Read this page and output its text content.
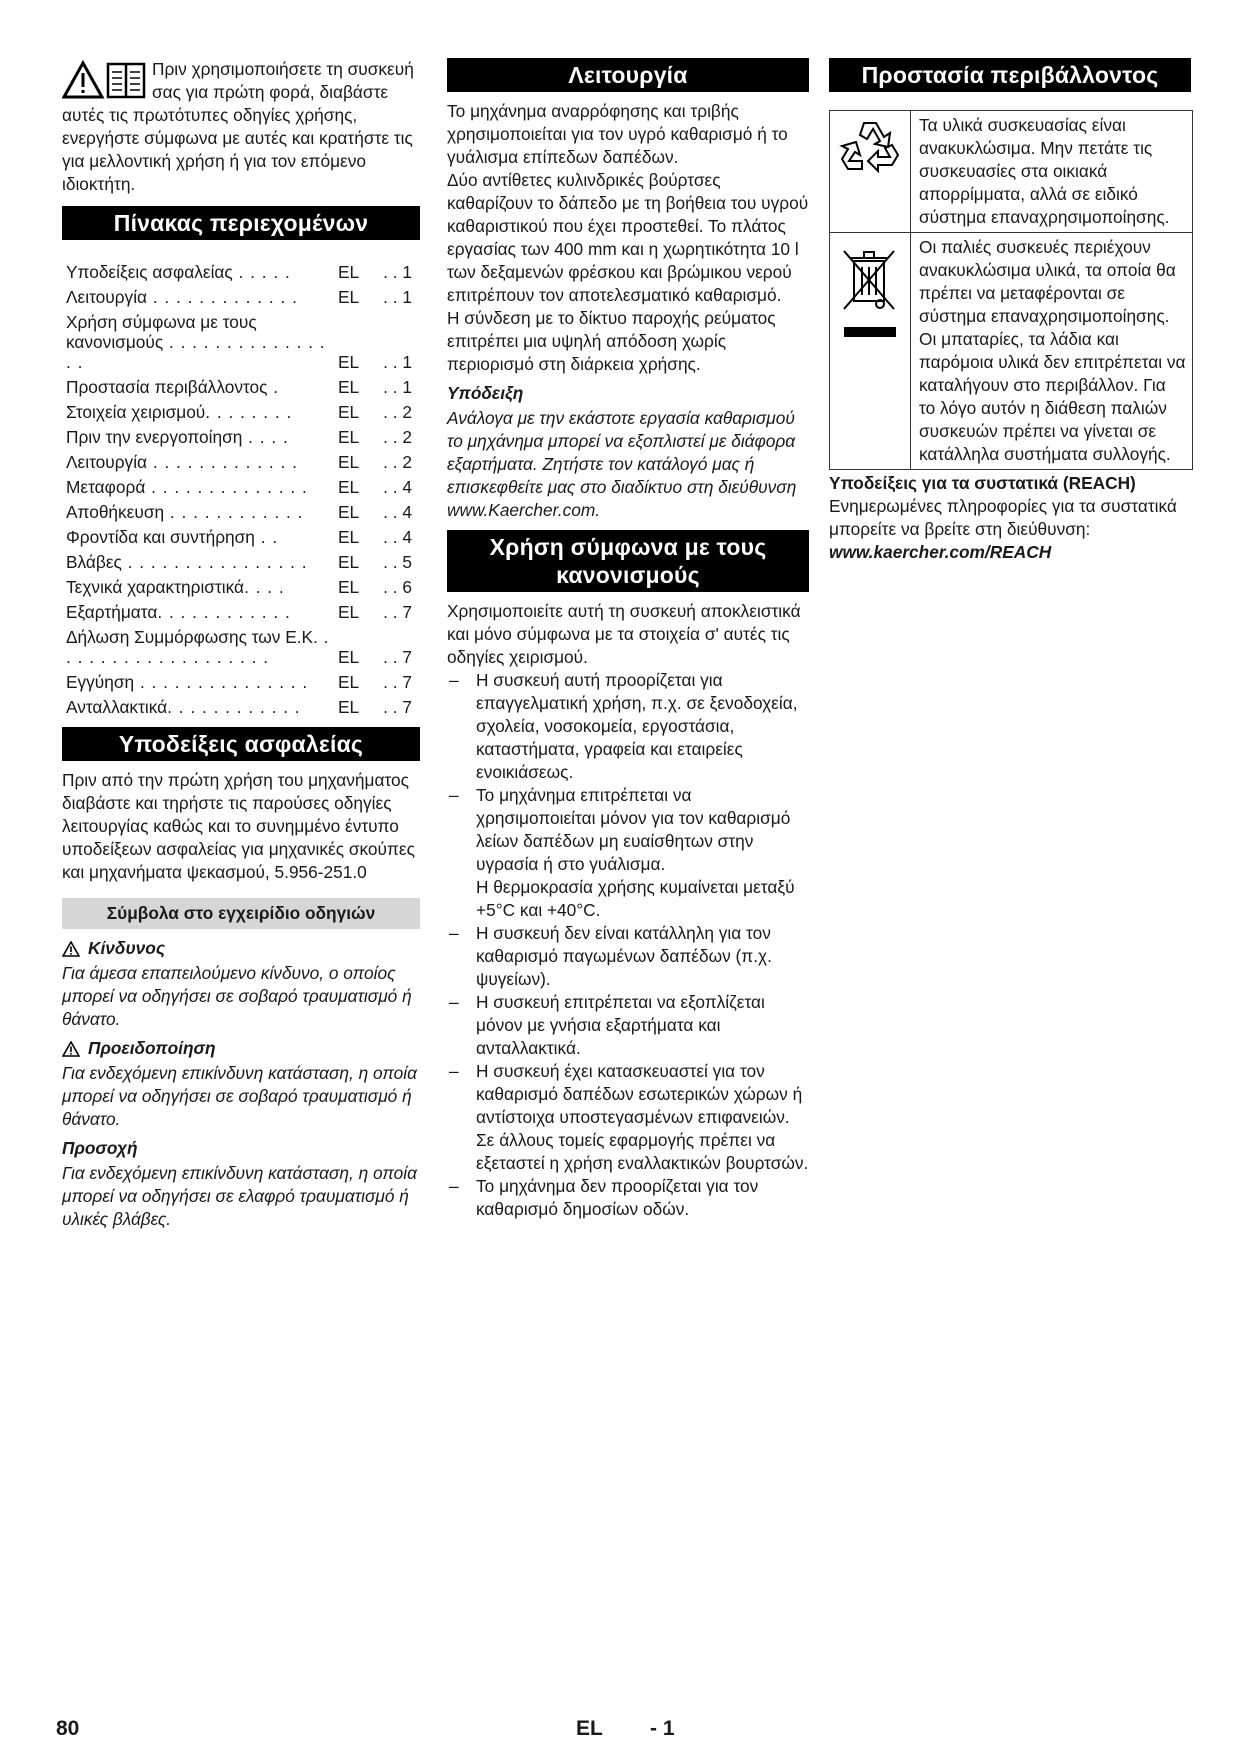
Πριν χρησιμοποιήσετε τη συσκευή σας για πρώτη φορά, διαβάστε αυτές τις πρωτότυπες οδηγίες χρήσης, ενεργήστε σύμφωνα με αυτές και κρατήστε τις για μελλοντική χρήση ή για τον επόμενο ιδιοκτήτη.

Πίνακας περιεχομένων
Υποδείξεις ασφαλείας . . . . .	EL	. . 1
Λειτουργία . . . . . . . . . . . . .	EL	. . 1
Χρήση σύμφωνα με τους κανονισμούς . . . . . . . . . . . . . . . .	EL	. . 1
Προστασία περιβάλλοντος .	EL	. . 1
Στοιχεία χειρισμού. . . . . . . .	EL	. . 2
Πριν την ενεργοποίηση . . . .	EL	. . 2
Λειτουργία . . . . . . . . . . . . .	EL	. . 2
Μεταφορά . . . . . . . . . . . . . .	EL	. . 4
Αποθήκευση . . . . . . . . . . . .	EL	. . 4
Φροντίδα και συντήρηση . .	EL	. . 4
Βλάβες . . . . . . . . . . . . . . . .	EL	. . 5
Τεχνικά χαρακτηριστικά. . . .	EL	. . 6
Εξαρτήματα. . . . . . . . . . . .	EL	. . 7
Δήλωση Συμμόρφωσης των Ε.Κ. . . . . . . . . . . . . . . . . . . .	EL	. . 7
Εγγύηση . . . . . . . . . . . . . . .	EL	. . 7
Ανταλλακτικά. . . . . . . . . . . .	EL	. . 7
Υποδείξεις ασφαλείας

Πριν από την πρώτη χρήση του μηχανήματος διαβάστε και τηρήστε τις παρούσες οδηγίες λειτουργίας καθώς και το συνημμένο έντυπο υποδείξεων ασφαλείας για μηχανικές σκούπες και μηχανήματα ψεκασμού, 5.956-251.0

Σύμβολα στο εγχειρίδιο οδηγιών
Κίνδυνος

Για άμεσα επαπειλούμενο κίνδυνο, ο οποίος μπορεί να οδηγήσει σε σοβαρό τραυματισμό ή θάνατο.

Προειδοποίηση

Για ενδεχόμενη επικίνδυνη κατάσταση, η οποία μπορεί να οδηγήσει σε σοβαρό τραυματισμό ή θάνατο.

Προσοχή

Για ενδεχόμενη επικίνδυνη κατάσταση, η οποία μπορεί να οδηγήσει σε ελαφρό τραυματισμό ή υλικές βλάβες.

Λειτουργία

Το μηχάνημα αναρρόφησης και τριβής χρησιμοποιείται για τον υγρό καθαρισμό ή το γυάλισμα επίπεδων δαπέδων.

Δύο αντίθετες κυλινδρικές βούρτσες καθαρίζουν το δάπεδο με τη βοήθεια του υγρού καθαριστικού που έχει προστεθεί. Το πλάτος εργασίας των 400 mm και η χωρητικότητα 10 l των δεξαμενών φρέσκου και βρώμικου νερού επιτρέπουν τον αποτελεσματικό καθαρισμό.

Η σύνδεση με το δίκτυο παροχής ρεύματος επιτρέπει μια υψηλή απόδοση χωρίς περιορισμό στη διάρκεια χρήσης.

Υπόδειξη

Ανάλογα με την εκάστοτε εργασία καθαρισμού το μηχάνημα μπορεί να εξοπλιστεί με διάφορα εξαρτήματα. Ζητήστε τον κατάλογό μας ή επισκεφθείτε μας στο διαδίκτυο στη διεύθυνση www.Kaercher.com.

Χρήση σύμφωνα με τους κανονισμούς

Χρησιμοποιείτε αυτή τη συσκευή αποκλειστικά και μόνο σύμφωνα με τα στοιχεία σ' αυτές τις οδηγίες χειρισμού.

– Η συσκευή αυτή προορίζεται για επαγγελματική χρήση, π.χ. σε ξενοδοχεία, σχολεία, νοσοκομεία, εργοστάσια, καταστήματα, γραφεία και εταιρείες ενοικιάσεως.
– Το μηχάνημα επιτρέπεται να χρησιμοποιείται μόνον για τον καθαρισμό λείων δαπέδων μη ευαίσθητων στην υγρασία ή στο γυάλισμα.
Η θερμοκρασία χρήσης κυμαίνεται μεταξύ +5°C και +40°C.
– Η συσκευή δεν είναι κατάλληλη για τον καθαρισμό παγωμένων δαπέδων (π.χ. ψυγείων).
– Η συσκευή επιτρέπεται να εξοπλίζεται μόνον με γνήσια εξαρτήματα και ανταλλακτικά.
– Η συσκευή έχει κατασκευαστεί για τον καθαρισμό δαπέδων εσωτερικών χώρων ή αντίστοιχα υποστεγασμένων επιφανειών. Σε άλλους τομείς εφαρμογής πρέπει να εξεταστεί η χρήση εναλλακτικών βουρτσών.
– Το μηχάνημα δεν προορίζεται για τον καθαρισμό δημοσίων οδών.
Προστασία περιβάλλοντος
	Τα υλικά συσκευασίας είναι ανακυκλώσιμα. Μην πετάτε τις συσκευασίες στα οικιακά απορρίμματα, αλλά σε ειδικό σύστημα επαναχρησιμοποίησης.
	Οι παλιές συσκευές περιέχουν ανακυκλώσιμα υλικά, τα οποία θα πρέπει να μεταφέρονται σε σύστημα επαναχρησιμοποίησης. Οι μπαταρίες, τα λάδια και παρόμοια υλικά δεν επιτρέπεται να καταλήγουν στο περιβάλλον. Για το λόγο αυτόν η διάθεση παλιών συσκευών πρέπει να γίνεται σε κατάλληλα συστήματα συλλογής.

Υποδείξεις για τα συστατικά (REACH)

Ενημερωμένες πληροφορίες για τα συστατικά μπορείτε να βρείτε στη διεύθυνση:

www.kaercher.com/REACH

80	EL - 1
